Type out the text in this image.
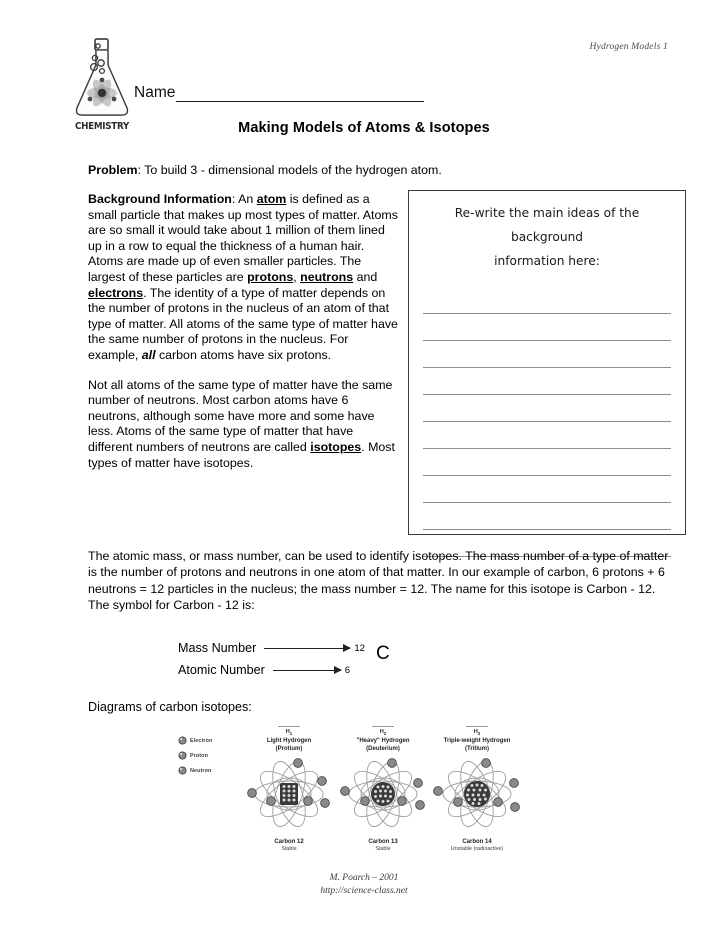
Hydrogen Models 1
CHEMISTRY
Name
Making Models of Atoms & Isotopes
Problem: To build 3 - dimensional models of the hydrogen atom.

Background Information: An atom is defined as a small particle that makes up most types of matter. Atoms are so small it would take about 1 million of them lined up in a row to equal the thickness of a human hair. Atoms are made up of even smaller particles. The largest of these particles are protons, neutrons and electrons. The identity of a type of matter depends on the number of protons in the nucleus of an atom of that type of matter. All atoms of the same type of matter have the same number of protons in the nucleus. For example, all carbon atoms have six protons.

Not all atoms of the same type of matter have the same number of neutrons. Most carbon atoms have 6 neutrons, although some have more and some have less. Atoms of the same type of matter that have different numbers of neutrons are called isotopes. Most types of matter have isotopes.

Re-write the main ideas of the background
information here:

The atomic mass, or mass number, can be used to identify isotopes. The mass number of a type of matter is the number of protons and neutrons in one atom of that matter. In our example of carbon, 6 protons + 6 neutrons = 12 particles in the nucleus; the mass number = 12. The name for this isotope is Carbon - 12.

The symbol for Carbon - 12 is:

Mass Number	12
Atomic Number	6
C
Diagrams of carbon isotopes:
Electron
Proton
Neutron
$H_1$
Light Hydrogen
(Protium)
Carbon 12
Stable
$H_2$
"Heavy" Hydrogen
(Deuterium)
Carbon 13
Stable
$H_3$
Triple-weight Hydrogen
(Tritium)
Carbon 14
Unstable (radioactive)
M. Poarch – 2001
http://science-class.net
